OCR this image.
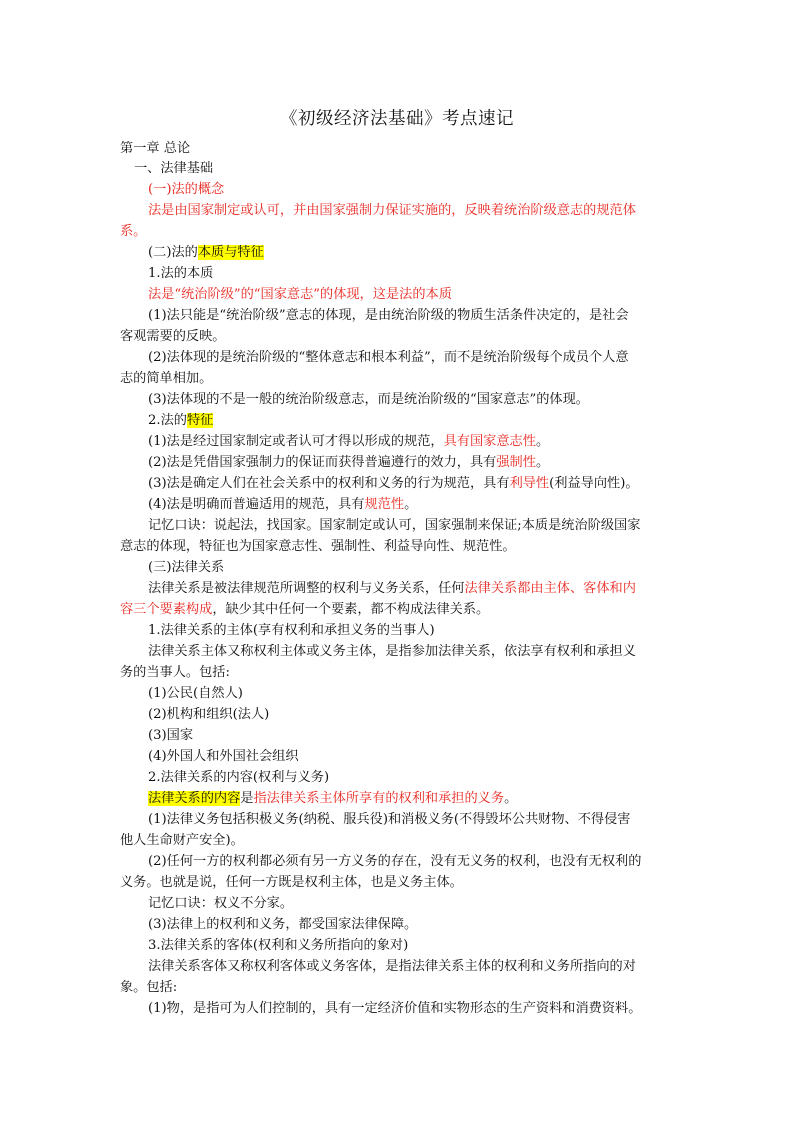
《初级经济法基础》考点速记
第一章 总论
一、法律基础
(一)法的概念
法是由国家制定或认可，并由国家强制力保证实施的，反映着统治阶级意志的规范体
系。
(二)法的本质与特征
1.法的本质
法是“统治阶级”的“国家意志”的体现，这是法的本质
(1)法只能是“统治阶级”意志的体现，是由统治阶级的物质生活条件决定的，是社会
客观需要的反映。
(2)法体现的是统治阶级的“整体意志和根本利益”，而不是统治阶级每个成员个人意
志的简单相加。
(3)法体现的不是一般的统治阶级意志，而是统治阶级的“国家意志”的体现。
2.法的特征
(1)法是经过国家制定或者认可才得以形成的规范，具有国家意志性。
(2)法是凭借国家强制力的保证而获得普遍遵行的效力，具有强制性。
(3)法是确定人们在社会关系中的权利和义务的行为规范，具有利导性(利益导向性)。
(4)法是明确而普遍适用的规范，具有规范性。
记忆口诀：说起法，找国家。国家制定或认可，国家强制来保证;本质是统治阶级国家
意志的体现，特征也为国家意志性、强制性、利益导向性、规范性。
(三)法律关系
法律关系是被法律规范所调整的权利与义务关系，任何法律关系都由主体、客体和内
容三个要素构成，缺少其中任何一个要素，都不构成法律关系。
1.法律关系的主体(享有权利和承担义务的当事人)
法律关系主体又称权利主体或义务主体，是指参加法律关系，依法享有权利和承担义
务的当事人。包括:
(1)公民(自然人)
(2)机构和组织(法人)
(3)国家
(4)外国人和外国社会组织
2.法律关系的内容(权利与义务)
法律关系的内容是指法律关系主体所享有的权利和承担的义务。
(1)法律义务包括积极义务(纳税、服兵役)和消极义务(不得毁坏公共财物、不得侵害
他人生命财产安全)。
(2)任何一方的权利都必须有另一方义务的存在，没有无义务的权利，也没有无权利的
义务。也就是说，任何一方既是权利主体，也是义务主体。
记忆口诀：权义不分家。
(3)法律上的权利和义务，都受国家法律保障。
3.法律关系的客体(权利和义务所指向的象对)
法律关系客体又称权利客体或义务客体，是指法律关系主体的权利和义务所指向的对
象。包括:
(1)物，是指可为人们控制的，具有一定经济价值和实物形态的生产资料和消费资料。
